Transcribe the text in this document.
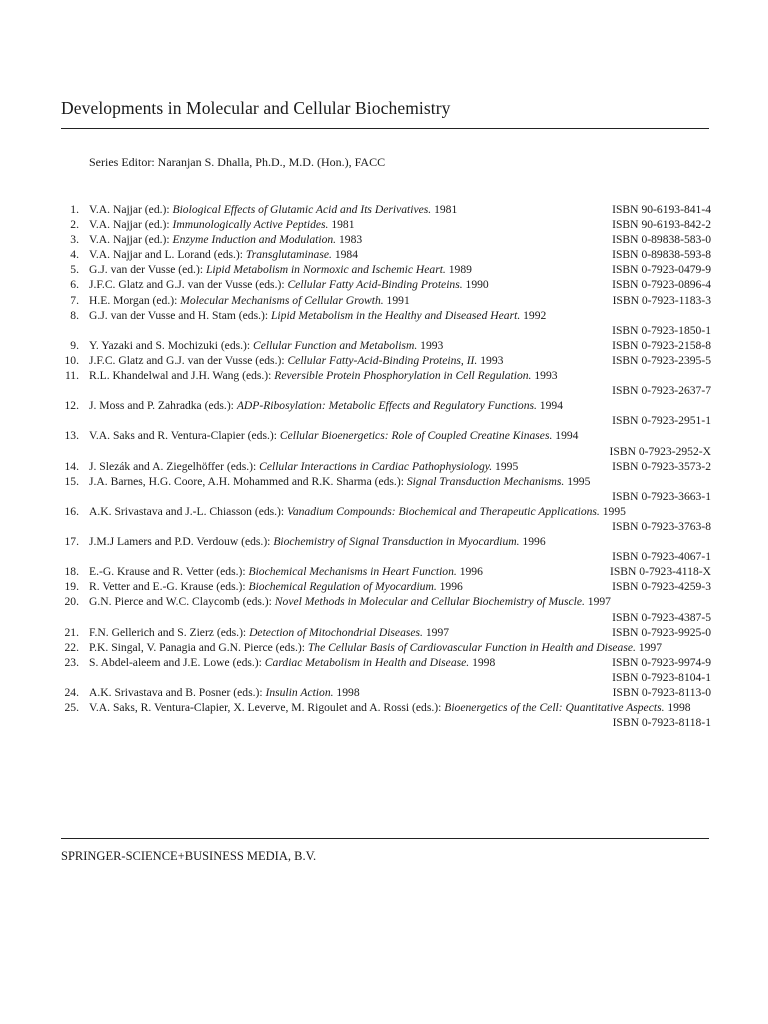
Developments in Molecular and Cellular Biochemistry
Series Editor: Naranjan S. Dhalla, Ph.D., M.D. (Hon.), FACC
1. V.A. Najjar (ed.): Biological Effects of Glutamic Acid and Its Derivatives. 1981	ISBN 90-6193-841-4
2. V.A. Najjar (ed.): Immunologically Active Peptides. 1981	ISBN 90-6193-842-2
3. V.A. Najjar (ed.): Enzyme Induction and Modulation. 1983	ISBN 0-89838-583-0
4. V.A. Najjar and L. Lorand (eds.): Transglutaminase. 1984	ISBN 0-89838-593-8
5. G.J. van der Vusse (ed.): Lipid Metabolism in Normoxic and Ischemic Heart. 1989	ISBN 0-7923-0479-9
6. J.F.C. Glatz and G.J. van der Vusse (eds.): Cellular Fatty Acid-Binding Proteins. 1990	ISBN 0-7923-0896-4
7. H.E. Morgan (ed.): Molecular Mechanisms of Cellular Growth. 1991	ISBN 0-7923-1183-3
8. G.J. van der Vusse and H. Stam (eds.): Lipid Metabolism in the Healthy and Diseased Heart. 1992
ISBN 0-7923-1850-1
9. Y. Yazaki and S. Mochizuki (eds.): Cellular Function and Metabolism. 1993	ISBN 0-7923-2158-8
10. J.F.C. Glatz and G.J. van der Vusse (eds.): Cellular Fatty-Acid-Binding Proteins, II. 1993	ISBN 0-7923-2395-5
11. R.L. Khandelwal and J.H. Wang (eds.): Reversible Protein Phosphorylation in Cell Regulation. 1993
ISBN 0-7923-2637-7
12. J. Moss and P. Zahradka (eds.): ADP-Ribosylation: Metabolic Effects and Regulatory Functions. 1994
ISBN 0-7923-2951-1
13. V.A. Saks and R. Ventura-Clapier (eds.): Cellular Bioenergetics: Role of Coupled Creatine Kinases. 1994
ISBN 0-7923-2952-X
14. J. Slezák and A. Ziegelhöffer (eds.): Cellular Interactions in Cardiac Pathophysiology. 1995	ISBN 0-7923-3573-2
15. J.A. Barnes, H.G. Coore, A.H. Mohammed and R.K. Sharma (eds.): Signal Transduction Mechanisms. 1995
ISBN 0-7923-3663-1
16. A.K. Srivastava and J.-L. Chiasson (eds.): Vanadium Compounds: Biochemical and Therapeutic Applications. 1995
ISBN 0-7923-3763-8
17. J.M.J Lamers and P.D. Verdouw (eds.): Biochemistry of Signal Transduction in Myocardium. 1996
ISBN 0-7923-4067-1
18. E.-G. Krause and R. Vetter (eds.): Biochemical Mechanisms in Heart Function. 1996	ISBN 0-7923-4118-X
19. R. Vetter and E.-G. Krause (eds.): Biochemical Regulation of Myocardium. 1996	ISBN 0-7923-4259-3
20. G.N. Pierce and W.C. Claycomb (eds.): Novel Methods in Molecular and Cellular Biochemistry of Muscle. 1997
ISBN 0-7923-4387-5
21. F.N. Gellerich and S. Zierz (eds.): Detection of Mitochondrial Diseases. 1997	ISBN 0-7923-9925-0
22. P.K. Singal, V. Panagia and G.N. Pierce (eds.): The Cellular Basis of Cardiovascular Function in Health and Disease. 1997
ISBN 0-7923-9974-9
23. S. Abdel-aleem and J.E. Lowe (eds.): Cardiac Metabolism in Health and Disease. 1998
ISBN 0-7923-8104-1
24. A.K. Srivastava and B. Posner (eds.): Insulin Action. 1998	ISBN 0-7923-8113-0
25. V.A. Saks, R. Ventura-Clapier, X. Leverve, M. Rigoulet and A. Rossi (eds.): Bioenergetics of the Cell: Quantitative Aspects. 1998
ISBN 0-7923-8118-1
SPRINGER-SCIENCE+BUSINESS MEDIA, B.V.
